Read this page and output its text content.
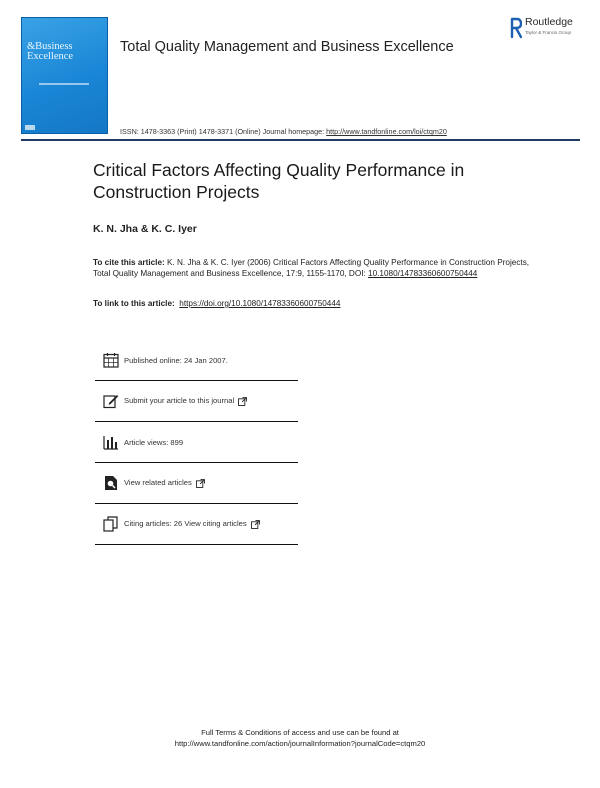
&Business
Excellence
Total Quality Management and Business Excellence
Routledge
Taylor & Francis Group
ISSN: 1478-3363 (Print) 1478-3371 (Online) Journal homepage: http://www.tandfonline.com/loi/ctqm20
Critical Factors Affecting Quality Performance in Construction Projects
K. N. Jha & K. C. Iyer
To cite this article: K. N. Jha & K. C. Iyer (2006) Critical Factors Affecting Quality Performance in Construction Projects, Total Quality Management and Business Excellence, 17:9, 1155-1170, DOI: 10.1080/14783360600750444
To link to this article: https://doi.org/10.1080/14783360600750444
Published online: 24 Jan 2007.
Submit your article to this journal
Article views: 899
View related articles
Citing articles: 26 View citing articles
Full Terms & Conditions of access and use can be found at
http://www.tandfonline.com/action/journalInformation?journalCode=ctqm20
